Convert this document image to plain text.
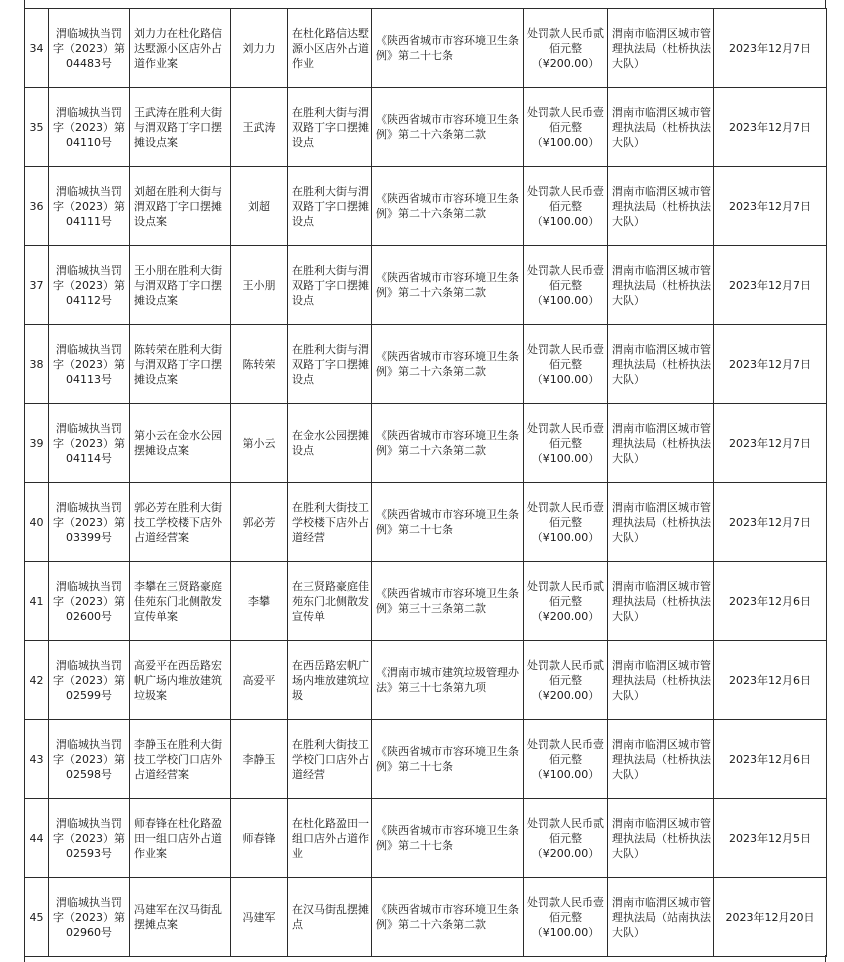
34	渭临城执当罚字（2023）第04483号	刘力力在杜化路信达墅源小区店外占道作业案	刘力力	在杜化路信达墅源小区店外占道作业	《陕西省城市市容环境卫生条例》第二十七条	处罚款人民币贰佰元整（¥200.00）	渭南市临渭区城市管理执法局（杜桥执法大队）	2023年12月7日
35	渭临城执当罚字（2023）第04110号	王武涛在胜利大街与渭双路丁字口摆摊设点案	王武涛	在胜利大街与渭双路丁字口摆摊设点	《陕西省城市市容环境卫生条例》第二十六条第二款	处罚款人民币壹佰元整（¥100.00）	渭南市临渭区城市管理执法局（杜桥执法大队）	2023年12月7日
36	渭临城执当罚字（2023）第04111号	刘超在胜利大街与渭双路丁字口摆摊设点案	刘超	在胜利大街与渭双路丁字口摆摊设点	《陕西省城市市容环境卫生条例》第二十六条第二款	处罚款人民币壹佰元整（¥100.00）	渭南市临渭区城市管理执法局（杜桥执法大队）	2023年12月7日
37	渭临城执当罚字（2023）第04112号	王小朋在胜利大街与渭双路丁字口摆摊设点案	王小朋	在胜利大街与渭双路丁字口摆摊设点	《陕西省城市市容环境卫生条例》第二十六条第二款	处罚款人民币壹佰元整（¥100.00）	渭南市临渭区城市管理执法局（杜桥执法大队）	2023年12月7日
38	渭临城执当罚字（2023）第04113号	陈转荣在胜利大街与渭双路丁字口摆摊设点案	陈转荣	在胜利大街与渭双路丁字口摆摊设点	《陕西省城市市容环境卫生条例》第二十六条第二款	处罚款人民币壹佰元整（¥100.00）	渭南市临渭区城市管理执法局（杜桥执法大队）	2023年12月7日
39	渭临城执当罚字（2023）第04114号	第小云在金水公园摆摊设点案	第小云	在金水公园摆摊设点	《陕西省城市市容环境卫生条例》第二十六条第二款	处罚款人民币壹佰元整（¥100.00）	渭南市临渭区城市管理执法局（杜桥执法大队）	2023年12月7日
40	渭临城执当罚字（2023）第03399号	郭必芳在胜利大街技工学校楼下店外占道经营案	郭必芳	在胜利大街技工学校楼下店外占道经营	《陕西省城市市容环境卫生条例》第二十七条	处罚款人民币壹佰元整（¥100.00）	渭南市临渭区城市管理执法局（杜桥执法大队）	2023年12月7日
41	渭临城执当罚字（2023）第02600号	李攀在三贤路豪庭佳苑东门北侧散发宣传单案	李攀	在三贤路豪庭佳苑东门北侧散发宣传单	《陕西省城市市容环境卫生条例》第三十三条第二款	处罚款人民币贰佰元整（¥200.00）	渭南市临渭区城市管理执法局（杜桥执法大队）	2023年12月6日
42	渭临城执当罚字（2023）第02599号	高爱平在西岳路宏帆广场内堆放建筑垃圾案	高爱平	在西岳路宏帆广场内堆放建筑垃圾	《渭南市城市建筑垃圾管理办法》第三十七条第九项	处罚款人民币贰佰元整（¥200.00）	渭南市临渭区城市管理执法局（杜桥执法大队）	2023年12月6日
43	渭临城执当罚字（2023）第02598号	李静玉在胜利大街技工学校门口店外占道经营案	李静玉	在胜利大街技工学校门口店外占道经营	《陕西省城市市容环境卫生条例》第二十七条	处罚款人民币壹佰元整（¥100.00）	渭南市临渭区城市管理执法局（杜桥执法大队）	2023年12月6日
44	渭临城执当罚字（2023）第02593号	师春锋在杜化路盈田一组口店外占道作业案	师春锋	在杜化路盈田一组口店外占道作业	《陕西省城市市容环境卫生条例》第二十七条	处罚款人民币贰佰元整（¥200.00）	渭南市临渭区城市管理执法局（杜桥执法大队）	2023年12月5日
45	渭临城执当罚字（2023）第02960号	冯建军在汉马街乱摆摊点案	冯建军	在汉马街乱摆摊点	《陕西省城市市容环境卫生条例》第二十六条第二款	处罚款人民币壹佰元整（¥100.00）	渭南市临渭区城市管理执法局（站南执法大队）	2023年12月20日
